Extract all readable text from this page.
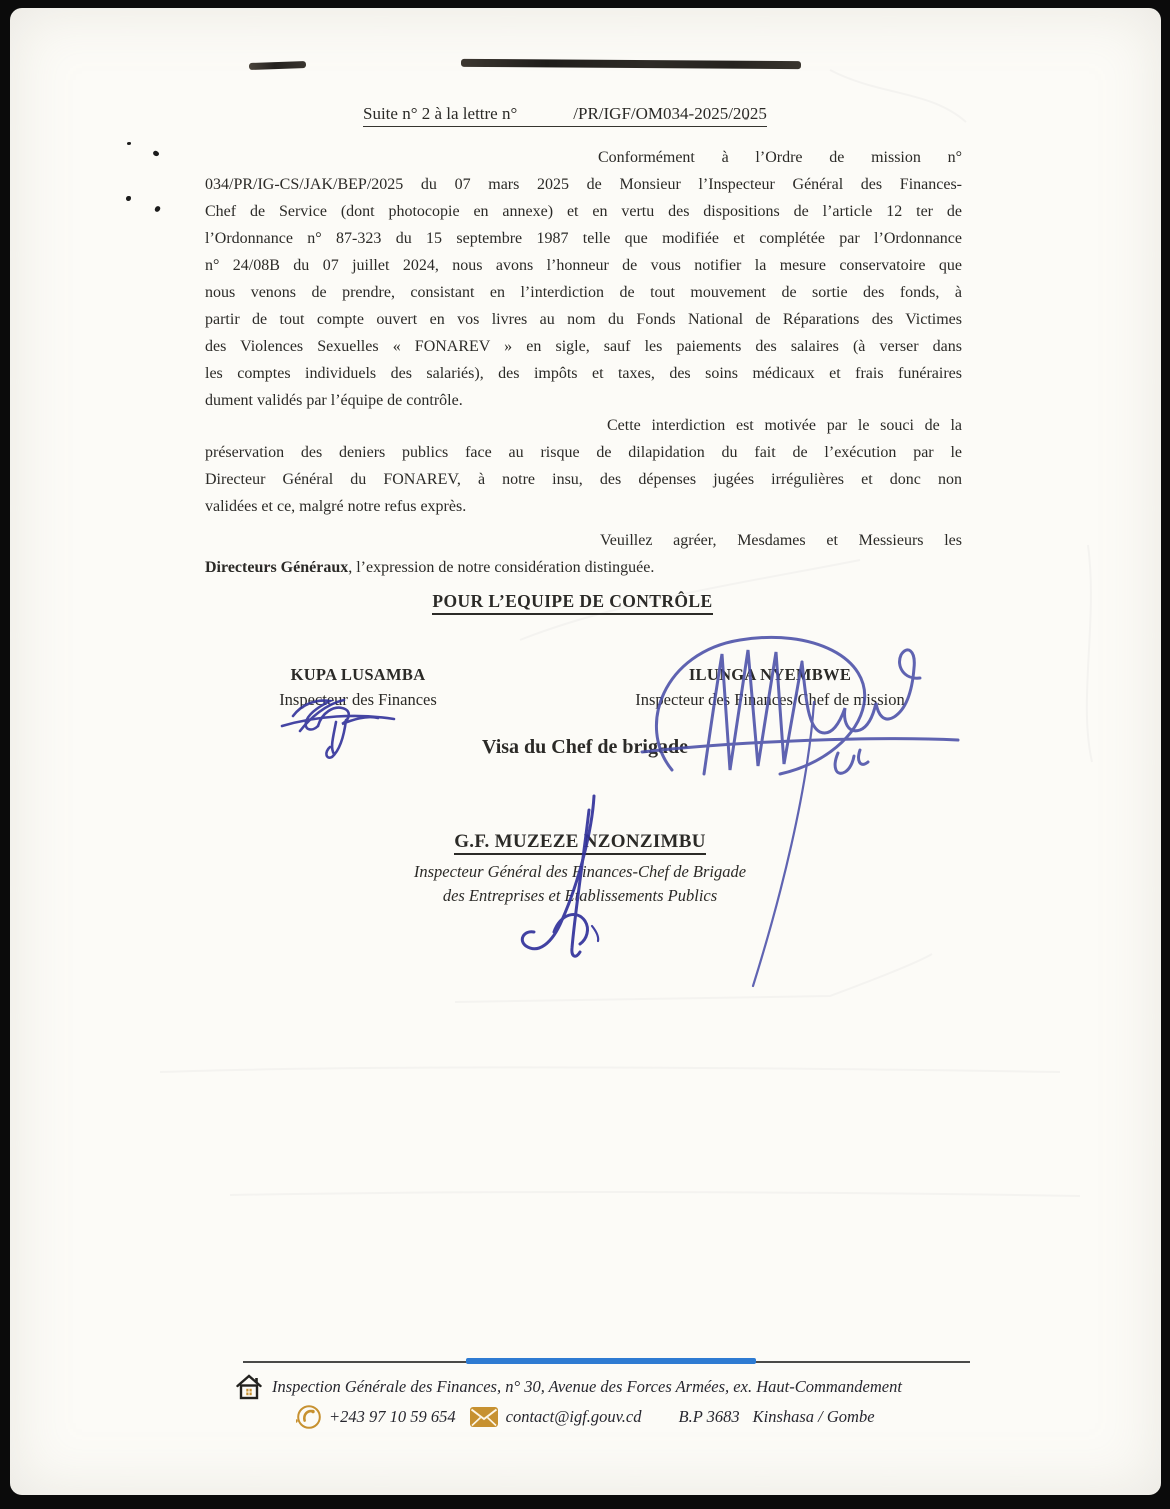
Suite n° 2 à la lettre n°	/PR/IGF/OM034-2025/2025
Conformément à l’Ordre de mission n°
034/PR/IG-CS/JAK/BEP/2025 du 07 mars 2025 de Monsieur l’Inspecteur Général des Finances-
Chef de Service (dont photocopie en annexe) et en vertu des dispositions de l’article 12 ter de
l’Ordonnance n° 87-323 du 15 septembre 1987 telle que modifiée et complétée par l’Ordonnance
n° 24/08B du 07 juillet 2024, nous avons l’honneur de vous notifier la mesure conservatoire que
nous venons de prendre, consistant en l’interdiction de tout mouvement de sortie des fonds, à
partir de tout compte ouvert en vos livres au nom du Fonds National de Réparations des Victimes
des Violences Sexuelles « FONAREV » en sigle, sauf les paiements des salaires (à verser dans
les comptes individuels des salariés), des impôts et taxes, des soins médicaux et frais funéraires
dument validés par l’équipe de contrôle.
Cette interdiction est motivée par le souci de la
préservation des deniers publics face au risque de dilapidation du fait de l’exécution par le
Directeur Général du FONAREV, à notre insu, des dépenses jugées irrégulières et donc non
validées et ce, malgré notre refus exprès.
Veuillez agréer, Mesdames et Messieurs les
Directeurs Généraux, l’expression de notre considération distinguée.
POUR L’EQUIPE DE CONTRÔLE
KUPA LUSAMBA
Inspecteur des Finances
ILUNGA NYEMBWE
Inspecteur des Finances/Chef de mission
Visa du Chef de brigade
G.F. MUZEZE NZONZIMBU
Inspecteur Général des Finances-Chef de Brigade
des Entreprises et Etablissements Publics
Inspection Générale des Finances, n° 30, Avenue des Forces Armées, ex. Haut-Commandement
+243 97 10 59 654	contact@igf.gouv.cd B.P 3683 Kinshasa / Gombe
